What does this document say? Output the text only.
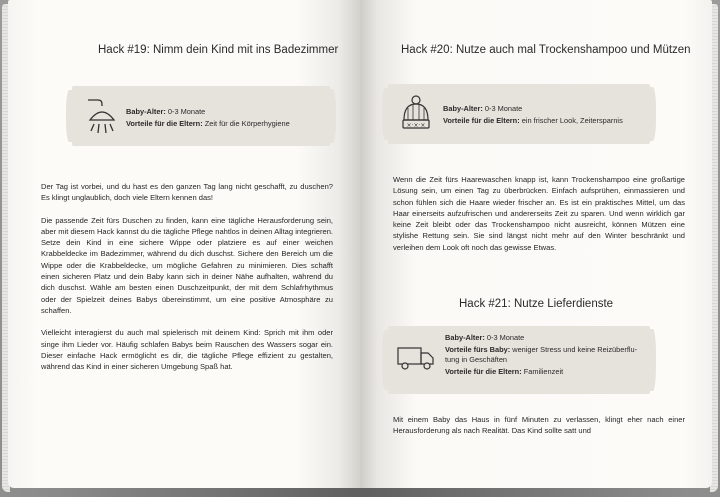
Hack #19: Nimm dein Kind mit ins Badezimmer
Baby-Alter: 0-3 Monate
Vorteile für die Eltern: Zeit für die Körperhygiene

Der Tag ist vorbei, und du hast es den ganzen Tag lang nicht geschafft, zu duschen? Es klingt unglaublich, doch viele Eltern kennen das!

Die passende Zeit fürs Duschen zu finden, kann eine tägliche Herausforderung sein, aber mit diesem Hack kannst du die tägliche Pflege nahtlos in deinen Alltag integrieren. Setze dein Kind in eine sichere Wippe oder platziere es auf einer weichen Krabbeldecke im Badezimmer, während du dich duschst. Sichere den Bereich um die Wippe oder die Krabbeldecke, um mögliche Gefahren zu minimieren. Dies schafft einen sicheren Platz und dein Baby kann sich in deiner Nähe aufhalten, während du dich duschst. Wähle am besten einen Duschzeitpunkt, der mit dem Schlafrhythmus oder der Spielzeit deines Babys übereinstimmt, um eine positive Atmosphäre zu schaffen.

Vielleicht interagierst du auch mal spielerisch mit deinem Kind: Sprich mit ihm oder singe ihm Lieder vor. Häufig schlafen Babys beim Rauschen des Wassers sogar ein. Dieser einfache Hack ermöglicht es dir, die tägliche Pflege effizient zu gestalten, während das Kind in einer sicheren Umgebung Spaß hat.

Hack #20: Nutze auch mal Trockenshampoo und Mützen
×·×·×
Baby-Alter: 0-3 Monate
Vorteile für die Eltern: ein frischer Look, Zeitersparnis

Wenn die Zeit fürs Haarewaschen knapp ist, kann Trockenshampoo eine großartige Lösung sein, um einen Tag zu überbrücken. Einfach aufsprühen, einmassieren und schon fühlen sich die Haare wieder frischer an. Es ist ein praktisches Mittel, um das Haar einerseits aufzufrischen und andererseits Zeit zu sparen. Und wenn wirklich gar keine Zeit bleibt oder das Trockenshampoo nicht ausreicht, können Mützen eine stylishe Rettung sein. Sie sind längst nicht mehr auf den Winter beschränkt und verleihen dem Look oft noch das gewisse Etwas.

Hack #21: Nutze Lieferdienste
Baby-Alter: 0-3 Monate
Vorteile fürs Baby: weniger Stress und keine Reizüberflu-
tung in Geschäften
Vorteile für die Eltern: Familienzeit

Mit einem Baby das Haus in fünf Minuten zu verlassen, klingt eher nach einer Herausforderung als nach Realität. Das Kind sollte satt und
